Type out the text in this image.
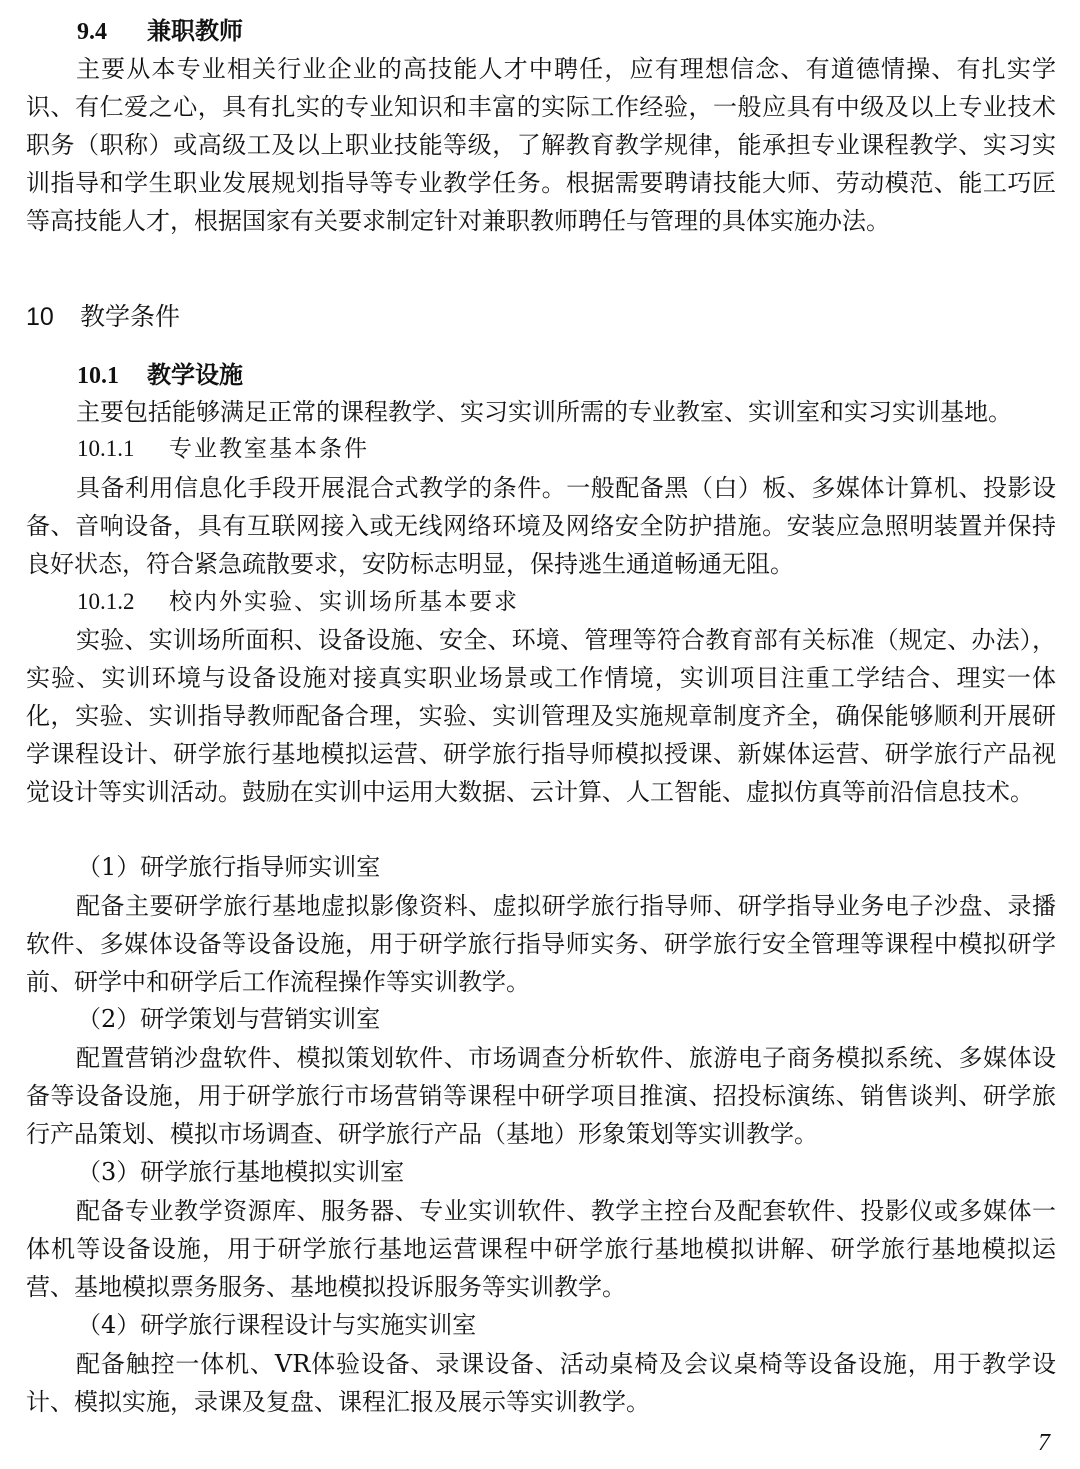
9.4 兼职教师

主要从本专业相关行业企业的高技能人才中聘任，应有理想信念、有道德情操、有扎实学识、有仁爱之心，具有扎实的专业知识和丰富的实际工作经验，一般应具有中级及以上专业技术职务（职称）或高级工及以上职业技能等级，了解教育教学规律，能承担专业课程教学、实习实训指导和学生职业发展规划指导等专业教学任务。根据需要聘请技能大师、劳动模范、能工巧匠等高技能人才，根据国家有关要求制定针对兼职教师聘任与管理的具体实施办法。

10 教学条件
10.1 教学设施

主要包括能够满足正常的课程教学、实习实训所需的专业教室、实训室和实习实训基地。

10.1.1 专业教室基本条件

具备利用信息化手段开展混合式教学的条件。一般配备黑（白）板、多媒体计算机、投影设备、音响设备，具有互联网接入或无线网络环境及网络安全防护措施。安装应急照明装置并保持良好状态，符合紧急疏散要求，安防标志明显，保持逃生通道畅通无阻。

10.1.2 校内外实验、实训场所基本要求

实验、实训场所面积、设备设施、安全、环境、管理等符合教育部有关标准（规定、办法），实验、实训环境与设备设施对接真实职业场景或工作情境，实训项目注重工学结合、理实一体化，实验、实训指导教师配备合理，实验、实训管理及实施规章制度齐全，确保能够顺利开展研学课程设计、研学旅行基地模拟运营、研学旅行指导师模拟授课、新媒体运营、研学旅行产品视觉设计等实训活动。鼓励在实训中运用大数据、云计算、人工智能、虚拟仿真等前沿信息技术。

（1）研学旅行指导师实训室

配备主要研学旅行基地虚拟影像资料、虚拟研学旅行指导师、研学指导业务电子沙盘、录播软件、多媒体设备等设备设施，用于研学旅行指导师实务、研学旅行安全管理等课程中模拟研学前、研学中和研学后工作流程操作等实训教学。

（2）研学策划与营销实训室

配置营销沙盘软件、模拟策划软件、市场调查分析软件、旅游电子商务模拟系统、多媒体设备等设备设施，用于研学旅行市场营销等课程中研学项目推演、招投标演练、销售谈判、研学旅行产品策划、模拟市场调查、研学旅行产品（基地）形象策划等实训教学。

（3）研学旅行基地模拟实训室

配备专业教学资源库、服务器、专业实训软件、教学主控台及配套软件、投影仪或多媒体一体机等设备设施，用于研学旅行基地运营课程中研学旅行基地模拟讲解、研学旅行基地模拟运营、基地模拟票务服务、基地模拟投诉服务等实训教学。

（4）研学旅行课程设计与实施实训室

配备触控一体机、VR体验设备、录课设备、活动桌椅及会议桌椅等设备设施，用于教学设计、模拟实施，录课及复盘、课程汇报及展示等实训教学。

7
